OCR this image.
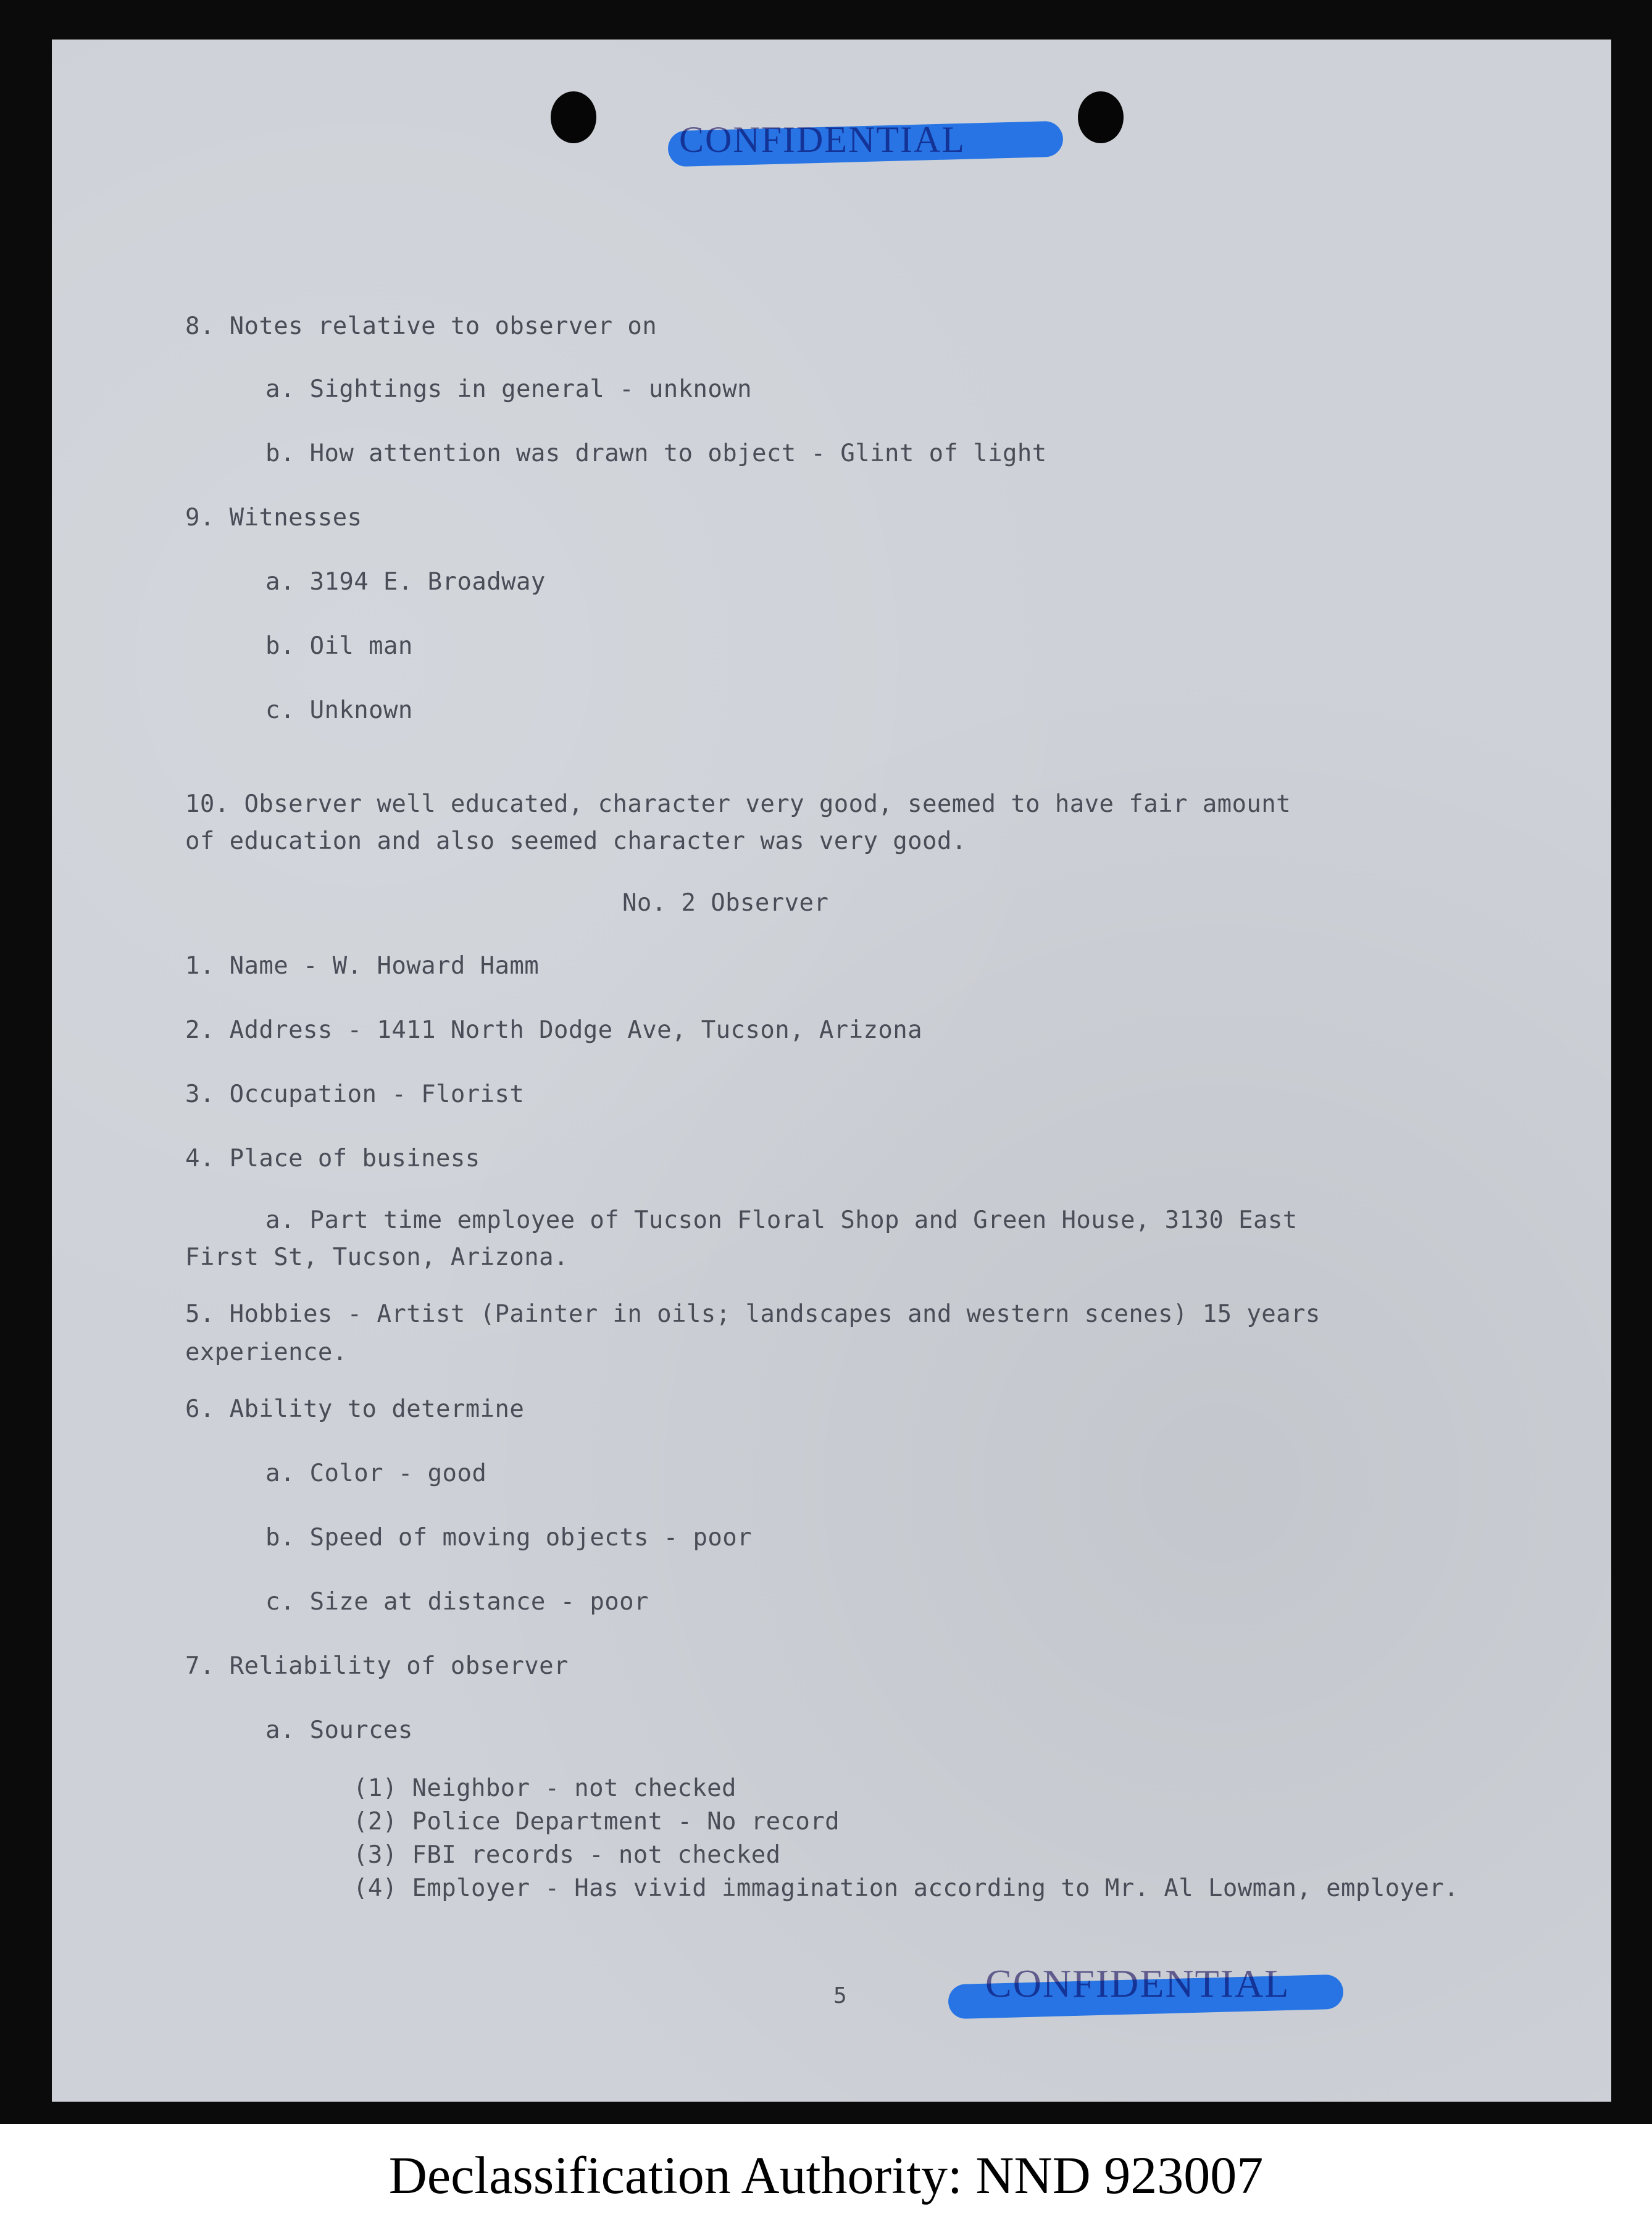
CONFIDENTIAL
8. Notes relative to observer on
a. Sightings in general - unknown
b. How attention was drawn to object - Glint of light
9. Witnesses
a. 3194 E. Broadway
b. Oil man
c. Unknown
10. Observer well educated, character very good, seemed to have fair amount
of education and also seemed character was very good.
No. 2 Observer
1. Name - W. Howard Hamm
2. Address - 1411 North Dodge Ave, Tucson, Arizona
3. Occupation - Florist
4. Place of business
a. Part time employee of Tucson Floral Shop and Green House, 3130 East
First St, Tucson, Arizona.
5. Hobbies - Artist (Painter in oils; landscapes and western scenes) 15 years
experience.
6. Ability to determine
a. Color - good
b. Speed of moving objects - poor
c. Size at distance - poor
7. Reliability of observer
a. Sources
(1) Neighbor - not checked
(2) Police Department - No record
(3) FBI records - not checked
(4) Employer - Has vivid immagination according to Mr. Al Lowman, employer.
5	CONFIDENTIAL
Declassification Authority: NND 923007
